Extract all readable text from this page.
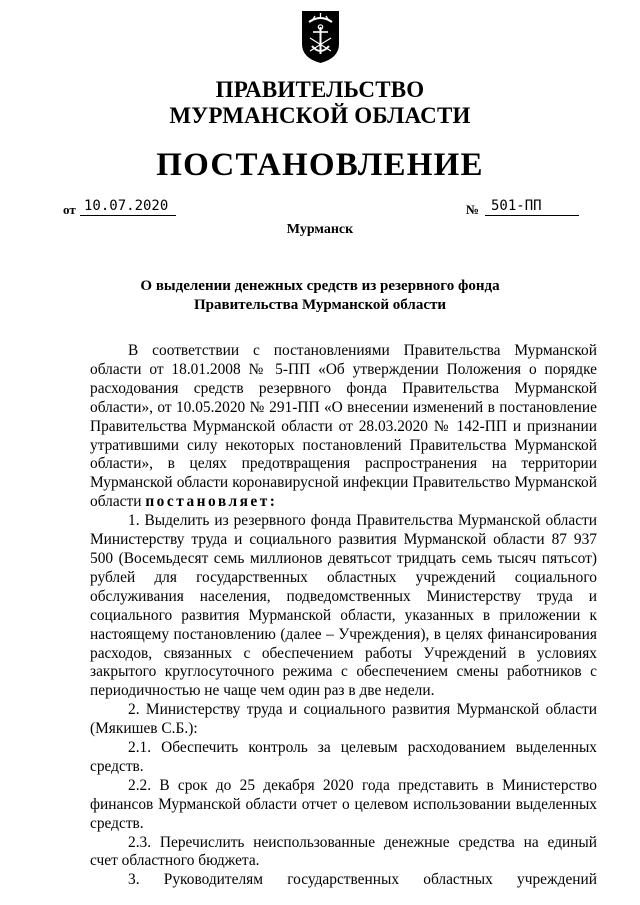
ПРАВИТЕЛЬСТВО
МУРМАНСКОЙ ОБЛАСТИ
ПОСТАНОВЛЕНИЕ
от 10.07.2020	№ 501-ПП
Мурманск
О выделении денежных средств из резервного фонда
Правительства Мурманской области

В соответствии с постановлениями Правительства Мурманской области от 18.01.2008 № 5-ПП «Об утверждении Положения о порядке расходования средств резервного фонда Правительства Мурманской области», от 10.05.2020 № 291-ПП «О внесении изменений в постановление Правительства Мурманской области от 28.03.2020 № 142-ПП и признании утратившими силу некоторых постановлений Правительства Мурманской области», в целях предотвращения распространения на территории Мурманской области коронавирусной инфекции Правительство Мурманской области постановляет:

1. Выделить из резервного фонда Правительства Мурманской области Министерству труда и социального развития Мурманской области 87 937 500 (Восемьдесят семь миллионов девятьсот тридцать семь тысяч пятьсот) рублей для государственных областных учреждений социального обслуживания населения, подведомственных Министерству труда и социального развития Мурманской области, указанных в приложении к настоящему постановлению (далее – Учреждения), в целях финансирования расходов, связанных с обеспечением работы Учреждений в условиях закрытого круглосуточного режима с обеспечением смены работников с периодичностью не чаще чем один раз в две недели.

2. Министерству труда и социального развития Мурманской области (Мякишев С.Б.):

2.1. Обеспечить контроль за целевым расходованием выделенных средств.

2.2. В срок до 25 декабря 2020 года представить в Министерство финансов Мурманской области отчет о целевом использовании выделенных средств.

2.3. Перечислить неиспользованные денежные средства на единый счет областного бюджета.

3. Руководителям государственных областных учреждений
